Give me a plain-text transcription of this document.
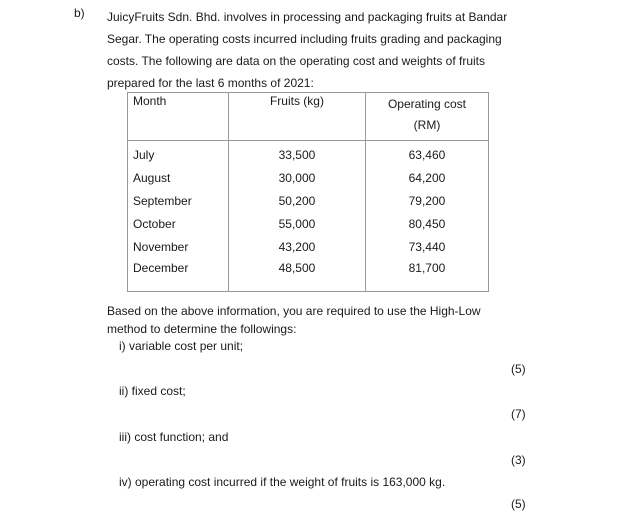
b) JuicyFruits Sdn. Bhd. involves in processing and packaging fruits at Bandar
Segar. The operating costs incurred including fruits grading and packaging
costs. The following are data on the operating cost and weights of fruits
prepared for the last 6 months of 2021:
Month	Fruits (kg)	Operating cost
(RM)

July	33,500	63,460
August	30,000	64,200
September	50,200	79,200
October	55,000	80,450
November	43,200	73,440
December	48,500	81,700
Based on the above information, you are required to use the High-Low
method to determine the followings:
i) variable cost per unit;
(5)
ii) fixed cost;
(7)
iii) cost function; and
(3)
iv) operating cost incurred if the weight of fruits is 163,000 kg.
(5)
